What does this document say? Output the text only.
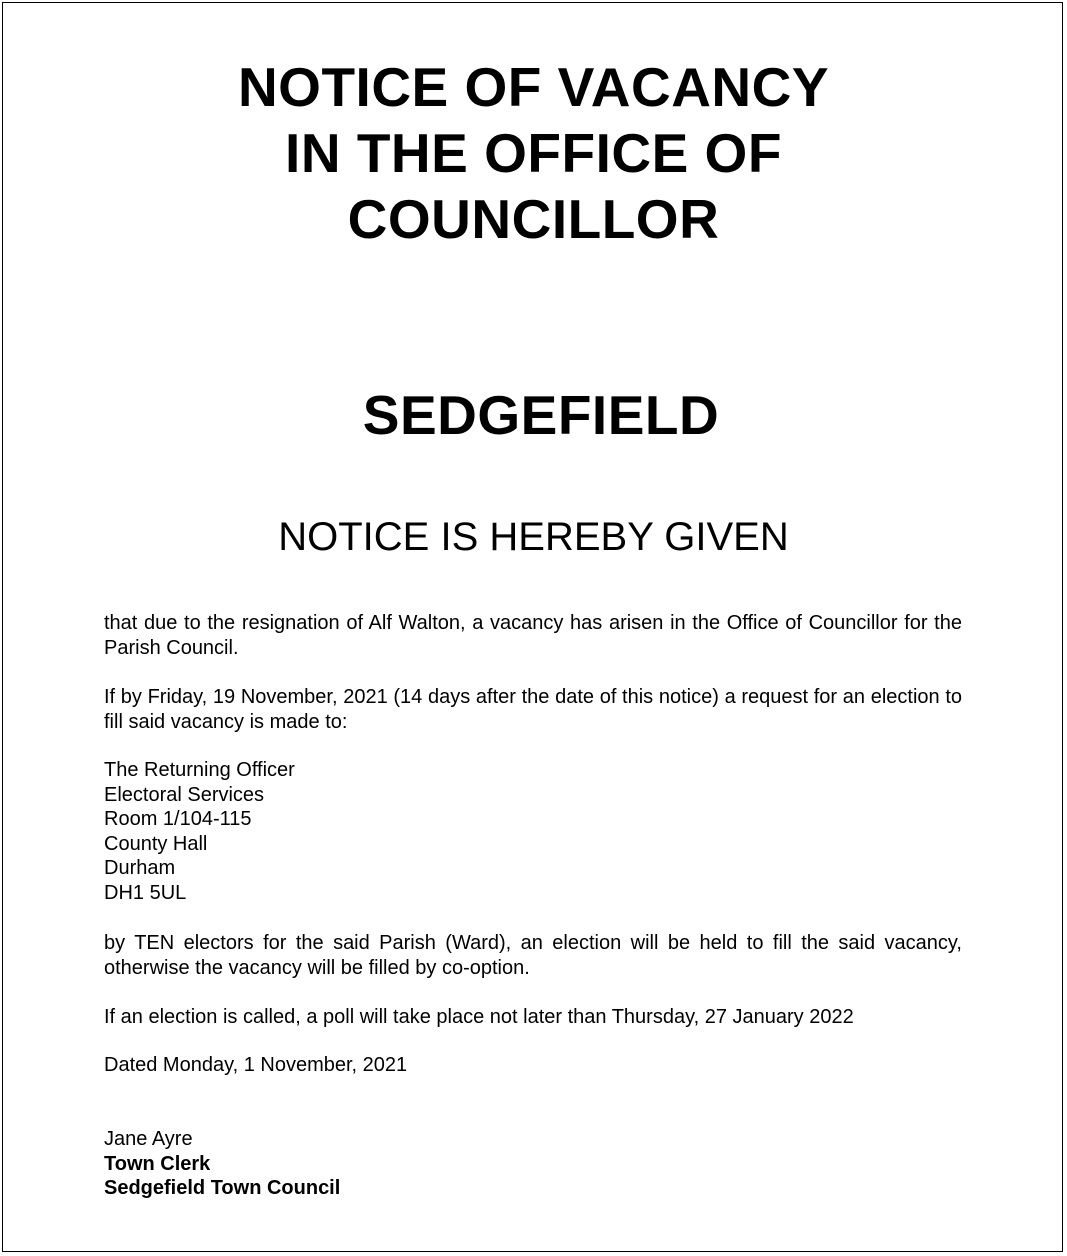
NOTICE OF VACANCY
IN THE OFFICE OF
COUNCILLOR
SEDGEFIELD
NOTICE IS HEREBY GIVEN
that due to the resignation of Alf Walton, a vacancy has arisen in the Office of Councillor for the Parish Council.
If by Friday, 19 November, 2021 (14 days after the date of this notice) a request for an election to fill said vacancy is made to:
The Returning Officer
Electoral Services
Room 1/104-115
County Hall
Durham
DH1 5UL
by TEN electors for the said Parish (Ward), an election will be held to fill the said vacancy, otherwise the vacancy will be filled by co-option.
If an election is called, a poll will take place not later than Thursday, 27 January 2022
Dated Monday, 1 November, 2021
Jane Ayre
Town Clerk
Sedgefield Town Council
